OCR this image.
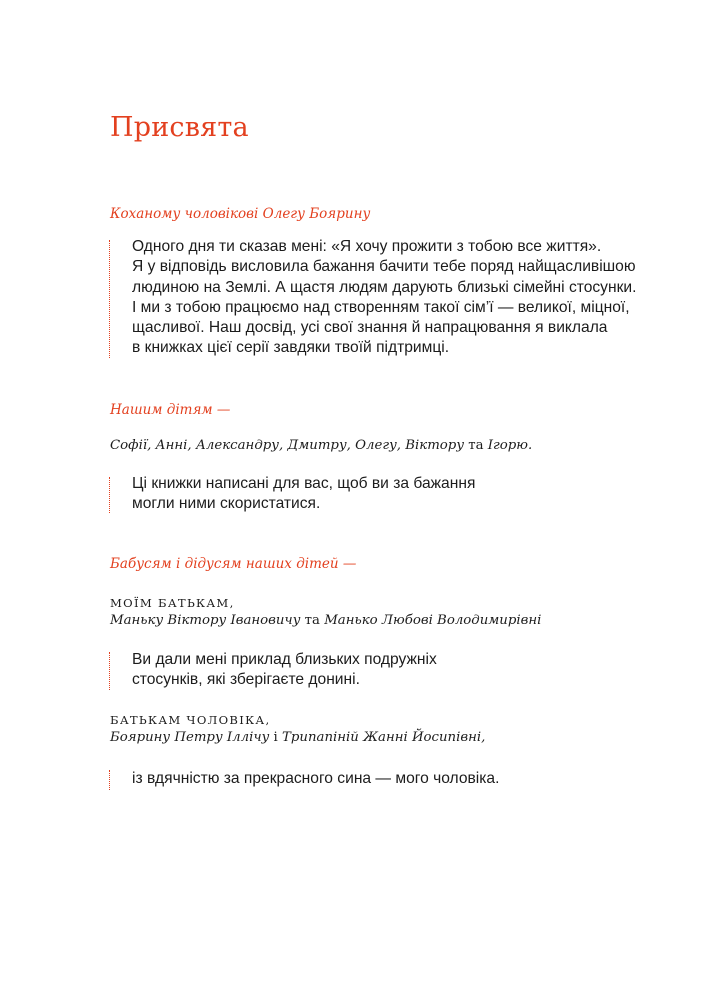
Присвята

Коханому чоловікові Олегу Боярину

Одного дня ти сказав мені: «Я хочу прожити з тобою все життя».
Я у відповідь висловила бажання бачити тебе поряд найщасливішою
людиною на Землі. А щастя людям дарують близькі сімейні стосунки.
І ми з тобою працюємо над створенням такої сім’ї — великої, міцної,
щасливої. Наш досвід, усі свої знання й напрацювання я виклала
в книжках цієї серії завдяки твоїй підтримці.

Нашим дітям —

Софії, Анні, Александру, Дмитру, Олегу, Віктору та Ігорю.

Ці книжки написані для вас, щоб ви за бажання
могли ними скористатися.

Бабусям і дідусям наших дітей —

МОЇМ БАТЬКАМ,

Маньку Віктору Івановичу та Манько Любові Володимирівні

Ви дали мені приклад близьких подружніх
стосунків, які зберігаєте донині.

БАТЬКАМ ЧОЛОВІКА,

Боярину Петру Іллічу і Трипапіній Жанні Йосипівні,

із вдячністю за прекрасного сина — мого чоловіка.
